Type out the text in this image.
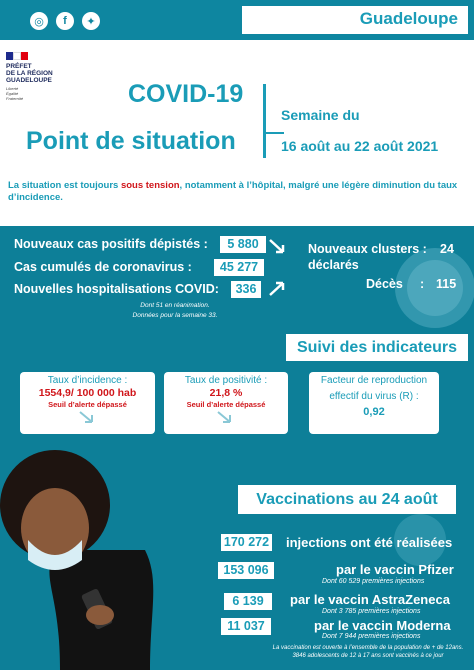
◎	f	✦	Guadeloupe
PRÉFET
DE LA RÉGION
GUADELOUPE
Liberté
Égalité
Fraternité	COVID-19
Point de situation
Semaine du
16 août au 22 août 2021
La situation est toujours sous tension, notamment à l’hôpital, malgré une légère diminution du taux d’incidence.
Nouveaux cas positifs dépistés :	5 880
Cas cumulés de coronavirus :	45 277
Nouvelles hospitalisations COVID:	336
Dont 51 en réanimation.
Données pour la semaine 33.
Nouveaux clusters : 24
déclarés
Décès : 115
Suivi des indicateurs
Taux d’incidence :
1554,9/ 100 000 hab
Seuil d’alerte dépassé
Taux de positivité :
21,8 %
Seuil d’alerte dépassé
Facteur de reproduction
effectif du virus (R) :
0,92
Vaccinations au 24 août
170 272 injections ont été réalisées
153 096	par le vaccin Pfizer
Dont 60 529 premières injections
6 139	par le vaccin AstraZeneca
Dont 3 785 premières injections
11 037	par le vaccin Moderna
Dont 7 944 premières injections
La vaccination est ouverte à l’ensemble de la population de + de 12ans.
3846 adolescents de 12 à 17 ans sont vaccinés à ce jour
